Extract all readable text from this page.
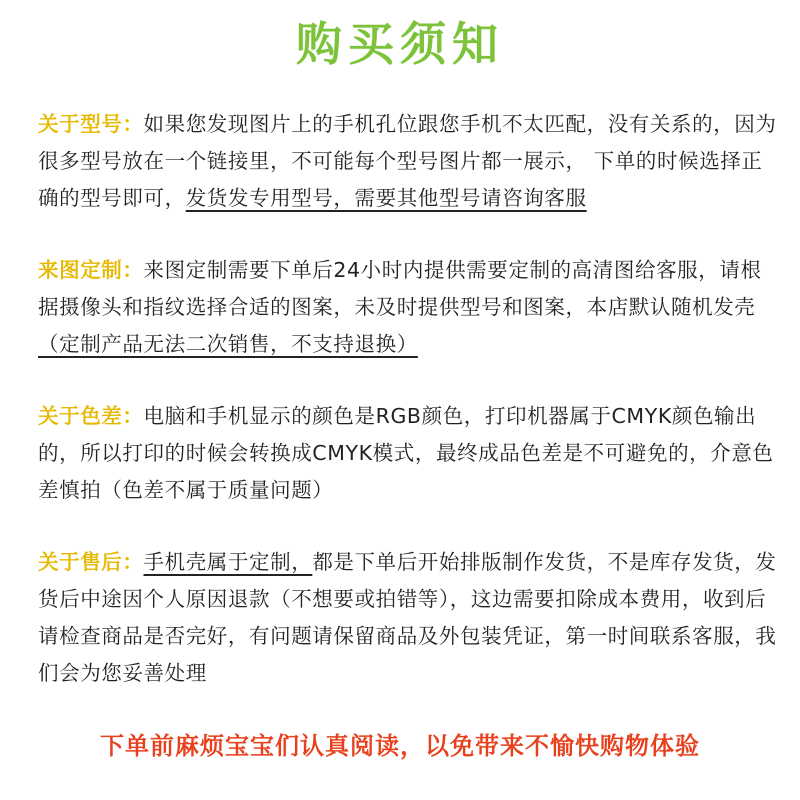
购买须知
关于型号：如果您发现图片上的手机孔位跟您手机不太匹配，没有关系的，因为很多型号放在一个链接里，不可能每个型号图片都一展示， 下单的时候选择正确的型号即可，发货发专用型号，需要其他型号请咨询客服
来图定制：来图定制需要下单后24小时内提供需要定制的高清图给客服，请根据摄像头和指纹选择合适的图案，未及时提供型号和图案，本店默认随机发壳（定制产品无法二次销售，不支持退换）
关于色差：电脑和手机显示的颜色是RGB颜色，打印机器属于CMYK颜色输出的，所以打印的时候会转换成CMYK模式，最终成品色差是不可避免的，介意色差慎拍（色差不属于质量问题）
关于售后：手机壳属于定制，都是下单后开始排版制作发货，不是库存发货，发货后中途因个人原因退款（不想要或拍错等），这边需要扣除成本费用，收到后请检查商品是否完好，有问题请保留商品及外包装凭证，第一时间联系客服，我们会为您妥善处理
下单前麻烦宝宝们认真阅读，以免带来不愉快购物体验
